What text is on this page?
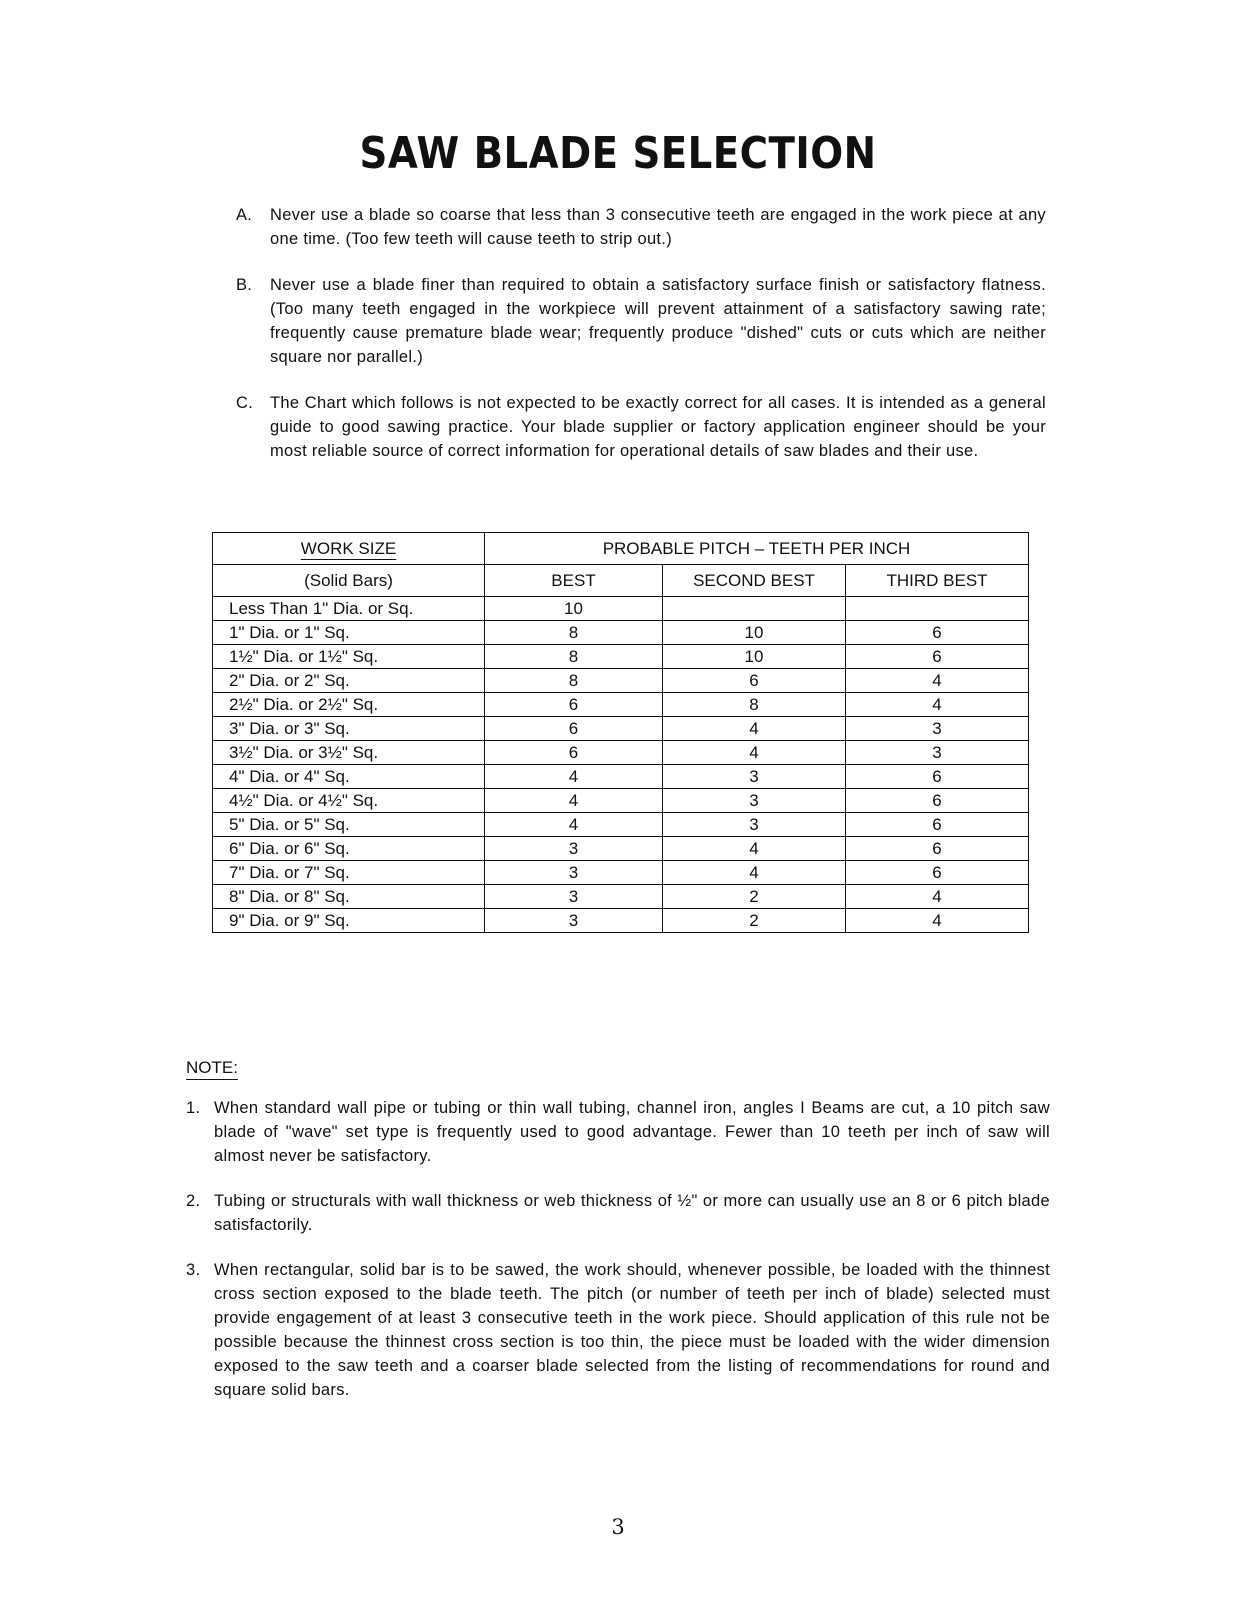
SAW BLADE SELECTION
A.	Never use a blade so coarse that less than 3 consecutive teeth are engaged in the work piece at any one time. (Too few teeth will cause teeth to strip out.)
B.	Never use a blade finer than required to obtain a satisfactory surface finish or satisfactory flatness. (Too many teeth engaged in the workpiece will prevent attainment of a satisfactory sawing rate; frequently cause premature blade wear; frequently produce "dished" cuts or cuts which are neither square nor parallel.)
C.	The Chart which follows is not expected to be exactly correct for all cases. It is intended as a general guide to good sawing practice. Your blade supplier or factory application engineer should be your most reliable source of correct information for operational details of saw blades and their use.
WORK SIZE	PROBABLE PITCH – TEETH PER INCH		
(Solid Bars)	BEST	SECOND BEST	THIRD BEST
Less Than 1" Dia. or Sq.	10		
1" Dia. or 1" Sq.	8	10	6
1½" Dia. or 1½" Sq.	8	10	6
2" Dia. or 2" Sq.	8	6	4
2½" Dia. or 2½" Sq.	6	8	4
3" Dia. or 3" Sq.	6	4	3
3½" Dia. or 3½" Sq.	6	4	3
4" Dia. or 4" Sq.	4	3	6
4½" Dia. or 4½" Sq.	4	3	6
5" Dia. or 5" Sq.	4	3	6
6" Dia. or 6" Sq.	3	4	6
7" Dia. or 7" Sq.	3	4	6
8" Dia. or 8" Sq.	3	2	4
9" Dia. or 9" Sq.	3	2	4
NOTE:
1. When standard wall pipe or tubing or thin wall tubing, channel iron, angles I Beams are cut, a 10 pitch saw blade of "wave" set type is frequently used to good advantage. Fewer than 10 teeth per inch of saw will almost never be satisfactory.
2. Tubing or structurals with wall thickness or web thickness of ½" or more can usually use an 8 or 6 pitch blade satisfactorily.
3. When rectangular, solid bar is to be sawed, the work should, whenever possible, be loaded with the thinnest cross section exposed to the blade teeth. The pitch (or number of teeth per inch of blade) selected must provide engagement of at least 3 consecutive teeth in the work piece. Should application of this rule not be possible because the thinnest cross section is too thin, the piece must be loaded with the wider dimension exposed to the saw teeth and a coarser blade selected from the listing of recommendations for round and square solid bars.
3
